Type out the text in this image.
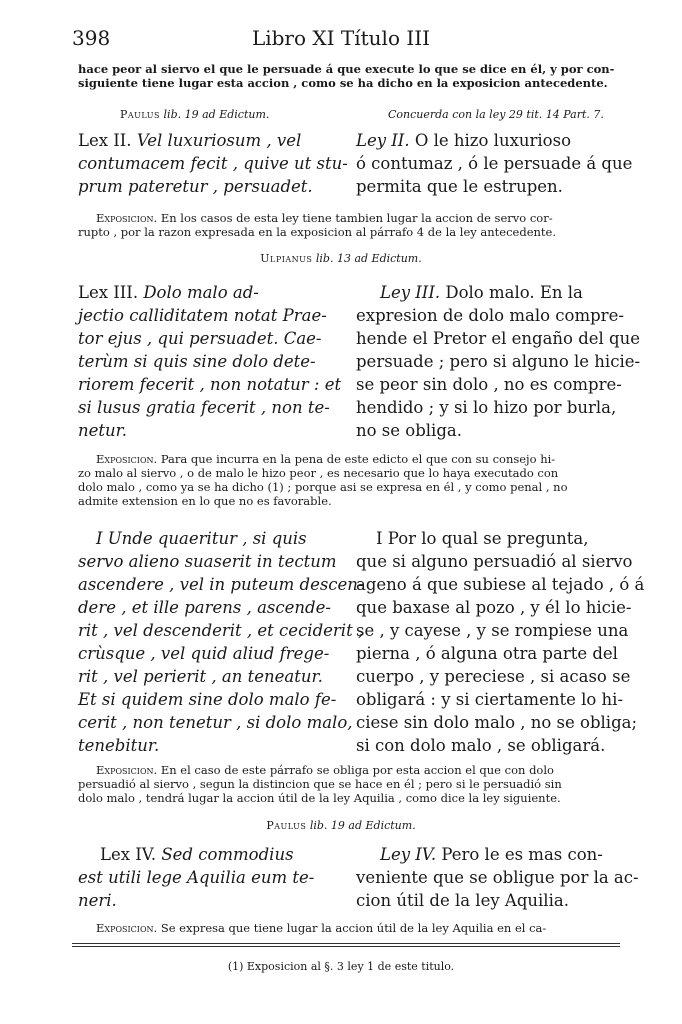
398	Libro XI Título III
hace peor al siervo el que le persuade á que execute lo que se dice en él, y por con-
siguiente tiene lugar esta accion , como se ha dicho en la exposicion antecedente.
Paulus lib. 19 ad Edictum.	Concuerda con la ley 29 tit. 14 Part. 7.
Lex II. Vel luxuriosum , vel
contumacem fecit , quive ut stu-
prum pateretur , persuadet.
Ley II. O le hizo luxurioso
ó contumaz , ó le persuade á que
permita que le estrupen.
Exposicion. En los casos de esta ley tiene tambien lugar la accion de servo cor-
rupto , por la razon expresada en la exposicion al párrafo 4 de la ley antecedente.
Ulpianus lib. 13 ad Edictum.
Lex III. Dolo malo ad-
jectio calliditatem notat Prae-
tor ejus , qui persuadet. Cae-
terùm si quis sine dolo dete-
riorem fecerit , non notatur : et
si lusus gratia fecerit , non te-
netur.
Ley III. Dolo malo. En la
expresion de dolo malo compre-
hende el Pretor el engaño del que
persuade ; pero si alguno le hicie-
se peor sin dolo , no es compre-
hendido ; y si lo hizo por burla,
no se obliga.
Exposicion. Para que incurra en la pena de este edicto el que con su consejo hi-
zo malo al siervo , o de malo le hizo peor , es necesario que lo haya executado con
dolo malo , como ya se ha dicho (1) ; porque asi se expresa en él , y como penal , no
admite extension en lo que no es favorable.
I Unde quaeritur , si quis
servo alieno suaserit in tectum
ascendere , vel in puteum descen-
dere , et ille parens , ascende-
rit , vel descenderit , et ceciderit ,
crùsque , vel quid aliud frege-
rit , vel perierit , an teneatur.
Et si quidem sine dolo malo fe-
cerit , non tenetur , si dolo malo,
tenebitur.
I Por lo qual se pregunta,
que si alguno persuadió al siervo
ageno á que subiese al tejado , ó á
que baxase al pozo , y él lo hicie-
se , y cayese , y se rompiese una
pierna , ó alguna otra parte del
cuerpo , y pereciese , si acaso se
obligará : y si ciertamente lo hi-
ciese sin dolo malo , no se obliga;
si con dolo malo , se obligará.
Exposicion. En el caso de este párrafo se obliga por esta accion el que con dolo
persuadió al siervo , segun la distincion que se hace en él ; pero si le persuadió sin
dolo malo , tendrá lugar la accion útil de la ley Aquilia , como dice la ley siguiente.
Paulus lib. 19 ad Edictum.
Lex IV. Sed commodius
est utili lege Aquilia eum te-
neri.
Ley IV. Pero le es mas con-
veniente que se obligue por la ac-
cion útil de la ley Aquilia.
Exposicion. Se expresa que tiene lugar la accion útil de la ley Aquilia en el ca-
(1) Exposicion al §. 3 ley 1 de este titulo.
